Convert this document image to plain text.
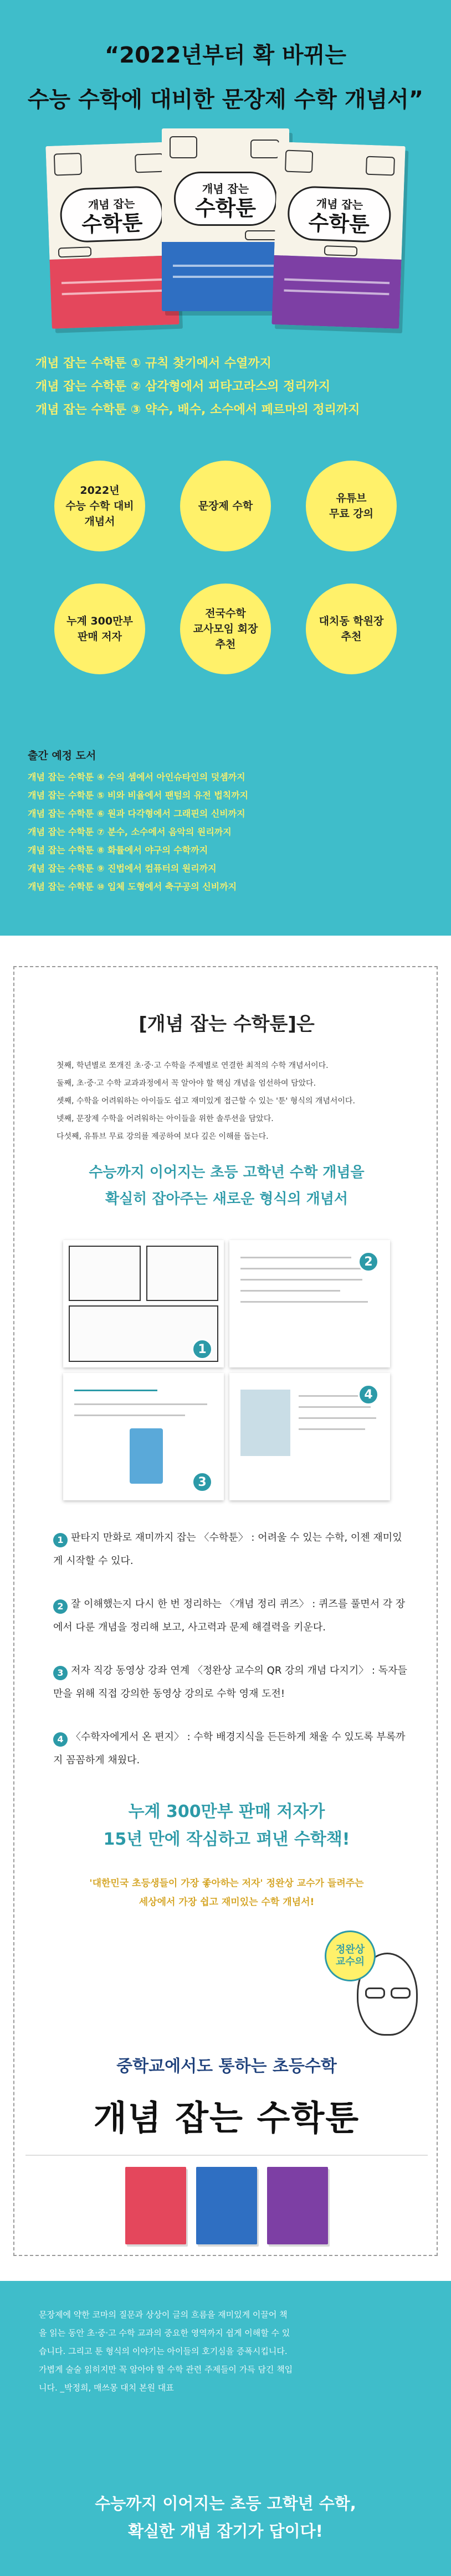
“2022년부터 확 바뀌는
수능 수학에 대비한 문장제 수학 개념서”
개념 잡는
수학툰
개념 잡는
수학툰	개념 잡는
수학툰

개념 잡는 수학툰 ① 규칙 찾기에서 수열까지

개념 잡는 수학툰 ② 삼각형에서 피타고라스의 정리까지

개념 잡는 수학툰 ③ 약수, 배수, 소수에서 페르마의 정리까지

2022년
수능 수학 대비
개념서
문장제 수학
유튜브
무료 강의
누계 300만부
판매 저자
전국수학
교사모임 회장
추천
대치동 학원장
추천
출간 예정 도서
개념 잡는 수학툰 ④ 수의 셈에서 아인슈타인의 덧셈까지
개념 잡는 수학툰 ⑤ 비와 비율에서 팬텀의 유전 법칙까지
개념 잡는 수학툰 ⑥ 원과 다각형에서 그래핀의 신비까지
개념 잡는 수학툰 ⑦ 분수, 소수에서 음악의 원리까지
개념 잡는 수학툰 ⑧ 화률에서 야구의 수학까지
개념 잡는 수학툰 ⑨ 진법에서 컴퓨터의 원리까지
개념 잡는 수학툰 ⑩ 입체 도형에서 축구공의 신비까지
[개념 잡는 수학툰]은

첫째, 학년별로 쪼개진 초·중·고 수학을 주제별로 연결한 최적의 수학 개념서이다.

둘째, 초·중·고 수학 교과과정에서 꼭 알아야 할 핵심 개념을 엄선하여 담았다.

셋째, 수학을 어려워하는 아이들도 쉽고 재미있게 접근할 수 있는 '툰' 형식의 개념서이다.

넷째, 문장제 수학을 어려워하는 아이들을 위한 솔루션을 담았다.

다섯째, 유튜브 무료 강의를 제공하여 보다 깊은 이해를 돕는다.

수능까지 이어지는 초등 고학년 수학 개념을
확실히 잡아주는 새로운 형식의 개념서
1
2
3
4
1 판타지 만화로 재미까지 잡는 〈수학툰〉 : 어려울 수 있는 수학, 이젠 재미있게 시작할 수 있다.
2 잘 이해했는지 다시 한 번 정리하는 〈개념 정리 퀴즈〉 : 퀴즈를 풀면서 각 장에서 다룬 개념을 정리해 보고, 사고력과 문제 해결력을 키운다.
3 저자 직강 동영상 강좌 연계 〈정완상 교수의 QR 강의 개념 다지기〉 : 독자들만을 위해 직접 강의한 동영상 강의로 수학 영재 도전!
4 〈수학자에게서 온 편지〉 : 수학 배경지식을 든든하게 채울 수 있도록 부록까지 꼼꼼하게 채웠다.
누계 300만부 판매 저자가
15년 만에 작심하고 펴낸 수학책!
'대한민국 초등생들이 가장 좋아하는 저자' 정완상 교수가 들려주는
세상에서 가장 쉽고 재미있는 수학 개념서!
정완상
교수의
중학교에서도 통하는 초등수학
개념 잡는 수학툰

문장제에 약한 코마의 질문과 상상이 글의 흐름을 재미있게 이끌어 책

을 읽는 동안 초·중·고 수학 교과의 중요한 영역까지 쉽게 이해할 수 있

습니다. 그리고 툰 형식의 이야기는 아이들의 호기심을 증폭시킵니다.

가볍게 술술 읽히지만 꼭 알아야 할 수학 관련 주제들이 가득 담긴 책입

니다. _박정희, 매쓰몽 대치 본원 대표

수능까지 이어지는 초등 고학년 수학,
확실한 개념 잡기가 답이다!
